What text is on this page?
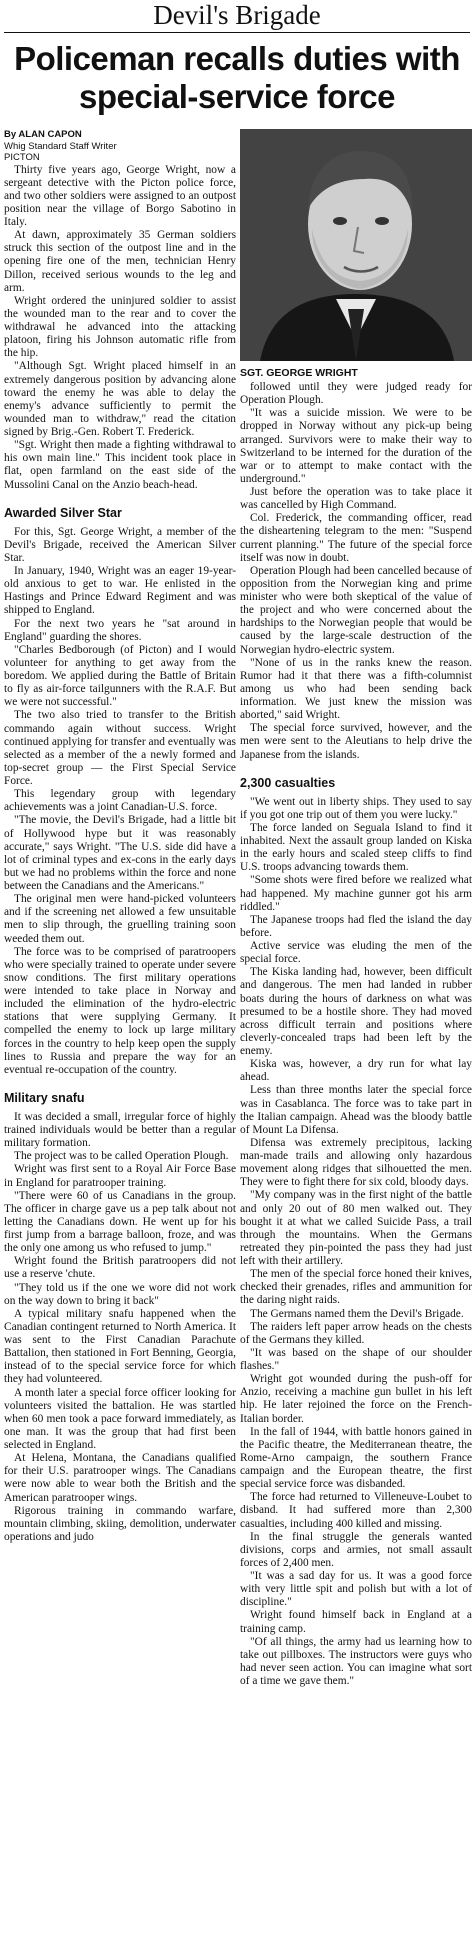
Devil's Brigade
Policeman recalls duties with special-service force
By ALAN CAPON
Whig Standard Staff Writer
PICTON

Thirty five years ago, George Wright, now a sergeant detective with the Picton police force, and two other soldiers were assigned to an outpost position near the village of Borgo Sabotino in Italy.

At dawn, approximately 35 German soldiers struck this section of the outpost line and in the opening fire one of the men, technician Henry Dillon, received serious wounds to the leg and arm.

Wright ordered the uninjured soldier to assist the wounded man to the rear and to cover the withdrawal he advanced into the attacking platoon, firing his Johnson automatic rifle from the hip.

"Although Sgt. Wright placed himself in an extremely dangerous position by advancing alone toward the enemy he was able to delay the enemy's advance sufficiently to permit the wounded man to withdraw," read the citation signed by Brig.-Gen. Robert T. Frederick.

"Sgt. Wright then made a fighting withdrawal to his own main line." This incident took place in flat, open farmland on the east side of the Mussolini Canal on the Anzio beach-head.

Awarded Silver Star

For this, Sgt. George Wright, a member of the Devil's Brigade, received the American Silver Star.

In January, 1940, Wright was an eager 19-year-old anxious to get to war. He enlisted in the Hastings and Prince Edward Regiment and was shipped to England.

For the next two years he "sat around in England" guarding the shores.

"Charles Bedborough (of Picton) and I would volunteer for anything to get away from the boredom. We applied during the Battle of Britain to fly as air-force tailgunners with the R.A.F. But we were not successful."

The two also tried to transfer to the British commando again without success. Wright continued applying for transfer and eventually was selected as a member of the a newly formed and top-secret group — the First Special Service Force.

This legendary group with legendary achievements was a joint Canadian-U.S. force.

"The movie, the Devil's Brigade, had a little bit of Hollywood hype but it was reasonably accurate," says Wright. "The U.S. side did have a lot of criminal types and ex-cons in the early days but we had no problems within the force and none between the Canadians and the Americans."

The original men were hand-picked volunteers and if the screening net allowed a few unsuitable men to slip through, the gruelling training soon weeded them out.

The force was to be comprised of paratroopers who were specially trained to operate under severe snow conditions. The first military operations were intended to take place in Norway and included the elimination of the hydro-electric stations that were supplying Germany. It compelled the enemy to lock up large military forces in the country to help keep open the supply lines to Russia and prepare the way for an eventual re-occupation of the country.

Military snafu

It was decided a small, irregular force of highly trained individuals would be better than a regular military formation.

The project was to be called Operation Plough.

Wright was first sent to a Royal Air Force Base in England for paratrooper training.

"There were 60 of us Canadians in the group. The officer in charge gave us a pep talk about not letting the Canadians down. He went up for his first jump from a barrage balloon, froze, and was the only one among us who refused to jump."

Wright found the British paratroopers did not use a reserve 'chute.

"They told us if the one we wore did not work on the way down to bring it back"

A typical military snafu happened when the Canadian contingent returned to North America. It was sent to the First Canadian Parachute Battalion, then stationed in Fort Benning, Georgia, instead of to the special service force for which they had volunteered.

A month later a special force officer looking for volunteers visited the battalion. He was startled when 60 men took a pace forward immediately, as one man. It was the group that had first been selected in England.

At Helena, Montana, the Canadians qualified for their U.S. paratrooper wings. The Canadians were now able to wear both the British and the American paratrooper wings.

Rigorous training in commando warfare, mountain climbing, skiing, demolition, underwater operations and judo

SGT. GEORGE WRIGHT

followed until they were judged ready for Operation Plough.

"It was a suicide mission. We were to be dropped in Norway without any pick-up being arranged. Survivors were to make their way to Switzerland to be interned for the duration of the war or to attempt to make contact with the underground."

Just before the operation was to take place it was cancelled by High Command.

Col. Frederick, the commanding officer, read the disheartening telegram to the men: "Suspend current planning." The future of the special force itself was now in doubt.

Operation Plough had been cancelled because of opposition from the Norwegian king and prime minister who were both skeptical of the value of the project and who were concerned about the hardships to the Norwegian people that would be caused by the large-scale destruction of the Norwegian hydro-electric system.

"None of us in the ranks knew the reason. Rumor had it that there was a fifth-columnist among us who had been sending back information. We just knew the mission was aborted," said Wright.

The special force survived, however, and the men were sent to the Aleutians to help drive the Japanese from the islands.

2,300 casualties

"We went out in liberty ships. They used to say if you got one trip out of them you were lucky."

The force landed on Seguala Island to find it inhabited. Next the assault group landed on Kiska in the early hours and scaled steep cliffs to find U.S. troops advancing towards them.

"Some shots were fired before we realized what had happened. My machine gunner got his arm riddled."

The Japanese troops had fled the island the day before.

Active service was eluding the men of the special force.

The Kiska landing had, however, been difficult and dangerous. The men had landed in rubber boats during the hours of darkness on what was presumed to be a hostile shore. They had moved across difficult terrain and positions where cleverly-concealed traps had been left by the enemy.

Kiska was, however, a dry run for what lay ahead.

Less than three months later the special force was in Casablanca. The force was to take part in the Italian campaign. Ahead was the bloody battle of Mount La Difensa.

Difensa was extremely precipitous, lacking man-made trails and allowing only hazardous movement along ridges that silhouetted the men. They were to fight there for six cold, bloody days.

"My company was in the first night of the battle and only 20 out of 80 men walked out. They bought it at what we called Suicide Pass, a trail through the mountains. When the Germans retreated they pin-pointed the pass they had just left with their artillery.

The men of the special force honed their knives, checked their grenades, rifles and ammunition for the daring night raids.

The Germans named them the Devil's Brigade.

The raiders left paper arrow heads on the chests of the Germans they killed.

"It was based on the shape of our shoulder flashes."

Wright got wounded during the push-off for Anzio, receiving a machine gun bullet in his left hip. He later rejoined the force on the French-Italian border.

In the fall of 1944, with battle honors gained in the Pacific theatre, the Mediterranean theatre, the Rome-Arno campaign, the southern France campaign and the European theatre, the first special service force was disbanded.

The force had returned to Villeneuve-Loubet to disband. It had suffered more than 2,300 casualties, including 400 killed and missing.

In the final struggle the generals wanted divisions, corps and armies, not small assault forces of 2,400 men.

"It was a sad day for us. It was a good force with very little spit and polish but with a lot of discipline."

Wright found himself back in England at a training camp.

"Of all things, the army had us learning how to take out pillboxes. The instructors were guys who had never seen action. You can imagine what sort of a time we gave them."
